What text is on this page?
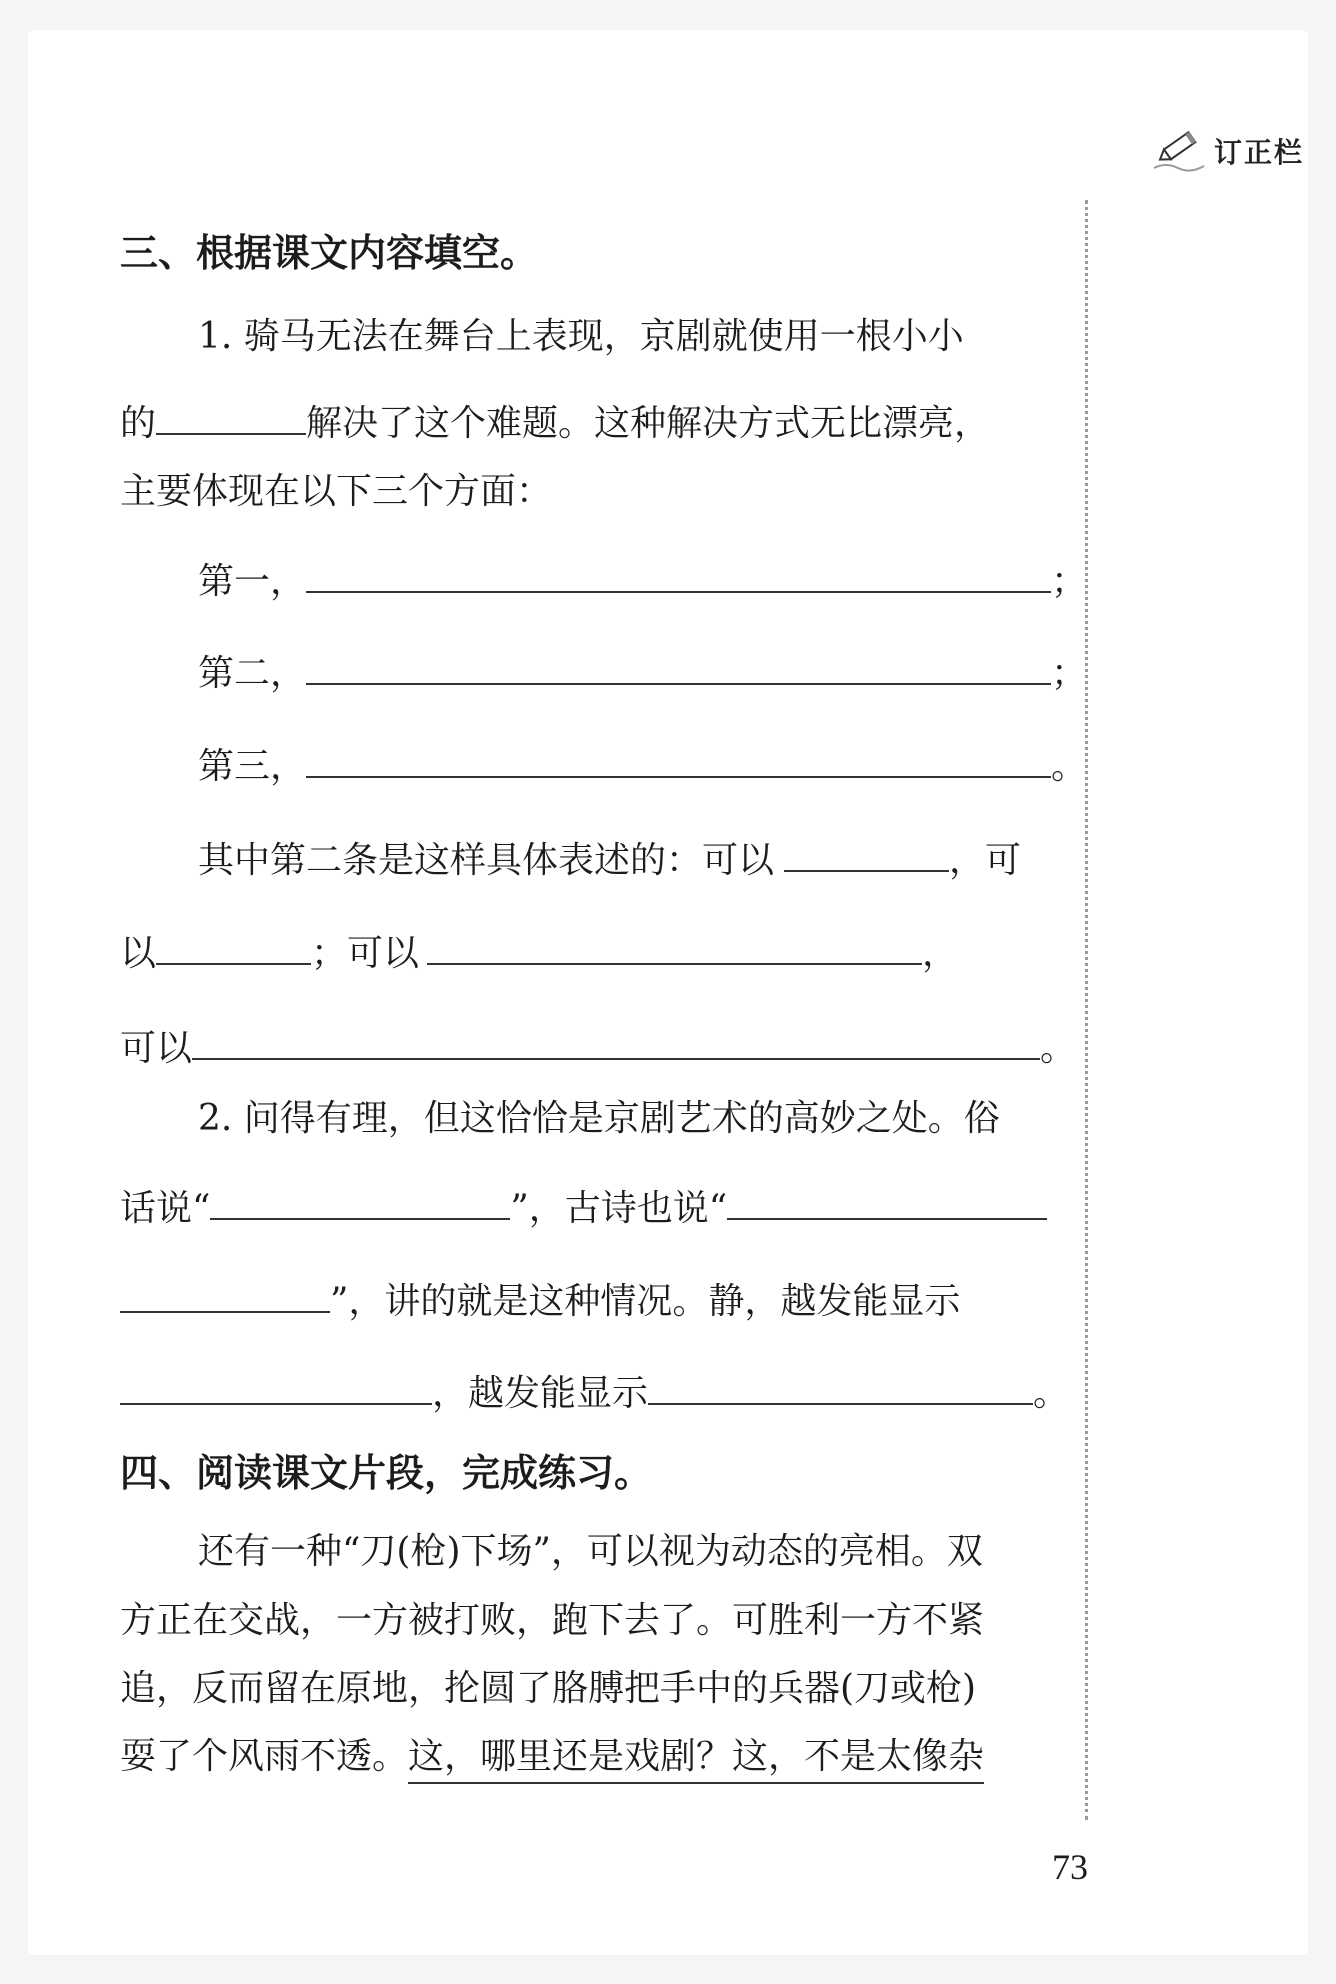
订正栏
三、根据课文内容填空。
1. 骑马无法在舞台上表现，京剧就使用一根小小
的	解决了这个难题。这种解决方式无比漂亮，
主要体现在以下三个方面：
第一，	；
第二，	；
第三，	。
其中第二条是这样具体表述的：可以	， 可
以	；可以	，
可以	。
2. 问得有理，但这恰恰是京剧艺术的高妙之处。俗
话说“	”，古诗也说“
”，讲的就是这种情况。静，越发能显示
，越发能显示	。
四、阅读课文片段，完成练习。
还有一种“刀(枪)下场”，可以视为动态的亮相。双
方正在交战，一方被打败，跑下去了。可胜利一方不紧
追，反而留在原地，抡圆了胳膊把手中的兵器(刀或枪)
耍了个风雨不透。 这，哪里还是戏剧？这，不是太像杂
73
